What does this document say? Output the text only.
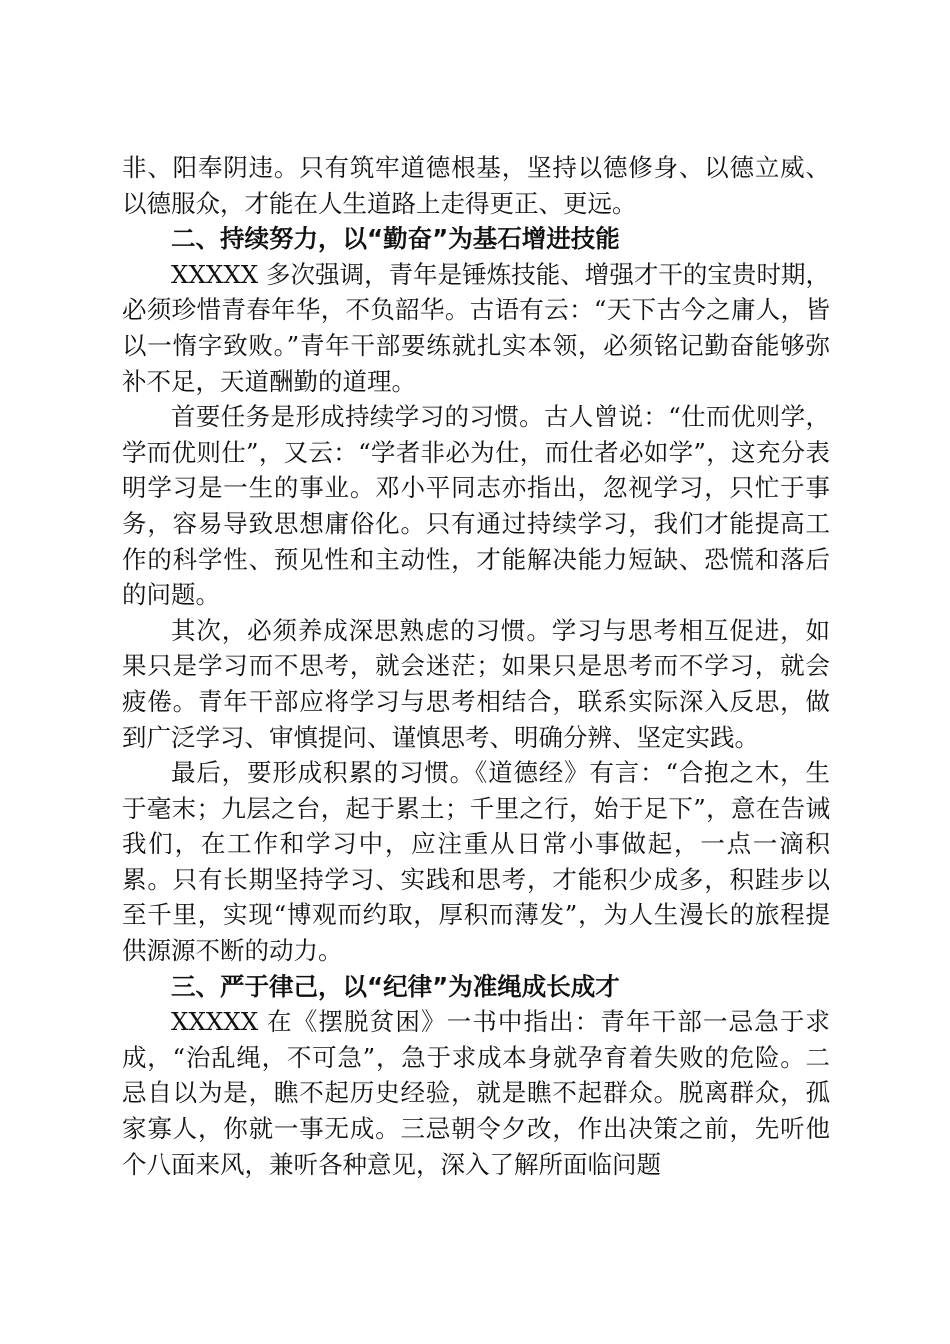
非、阳奉阴违。只有筑牢道德根基，坚持以德修身、以德立威、以德服众，才能在人生道路上走得更正、更远。

二、持续努力，以“勤奋”为基石增进技能

XXXXX 多次强调，青年是锤炼技能、增强才干的宝贵时期，必须珍惜青春年华，不负韶华。古语有云：“天下古今之庸人，皆以一惰字致败。”青年干部要练就扎实本领，必须铭记勤奋能够弥补不足，天道酬勤的道理。

首要任务是形成持续学习的习惯。古人曾说：“仕而优则学，学而优则仕”，又云：“学者非必为仕，而仕者必如学”，这充分表明学习是一生的事业。邓小平同志亦指出，忽视学习，只忙于事务，容易导致思想庸俗化。只有通过持续学习，我们才能提高工作的科学性、预见性和主动性，才能解决能力短缺、恐慌和落后的问题。

其次，必须养成深思熟虑的习惯。学习与思考相互促进，如果只是学习而不思考，就会迷茫；如果只是思考而不学习，就会疲倦。青年干部应将学习与思考相结合，联系实际深入反思，做到广泛学习、审慎提问、谨慎思考、明确分辨、坚定实践。

最后，要形成积累的习惯。《道德经》有言：“合抱之木，生于毫末；九层之台，起于累土；千里之行，始于足下”，意在告诫我们，在工作和学习中，应注重从日常小事做起，一点一滴积累。只有长期坚持学习、实践和思考，才能积少成多，积跬步以至千里，实现“博观而约取，厚积而薄发”，为人生漫长的旅程提供源源不断的动力。

三、严于律己，以“纪律”为准绳成长成才

XXXXX 在《摆脱贫困》一书中指出：青年干部一忌急于求成，“治乱绳，不可急”，急于求成本身就孕育着失败的危险。二忌自以为是，瞧不起历史经验，就是瞧不起群众。脱离群众，孤家寡人，你就一事无成。三忌朝令夕改，作出决策之前，先听他个八面来风，兼听各种意见，深入了解所面临问题
